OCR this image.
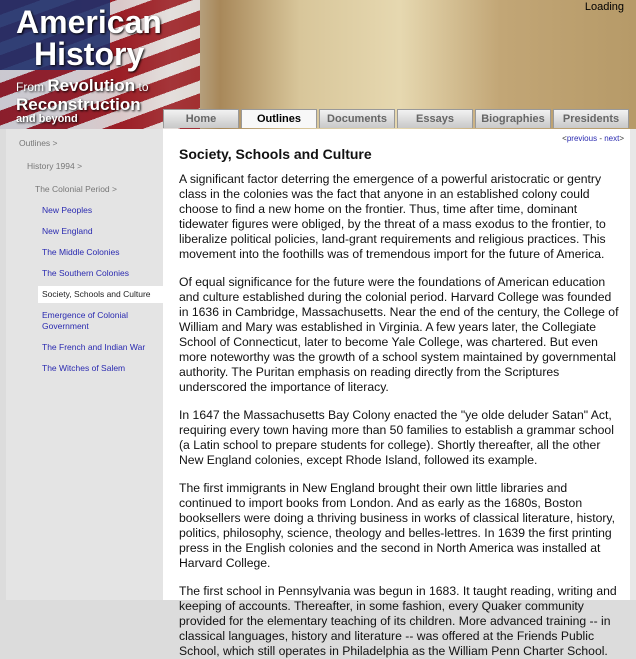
American
History
From Revolution to
Reconstruction
and beyond
Loading
Home	Outlines	Documents	Essays	Biographies	Presidents
Outlines >
History 1994 >
The Colonial Period >
New Peoples
New England
The Middle Colonies
The Southern Colonies
Society, Schools and Culture
Emergence of Colonial Government
The French and Indian War
The Witches of Salem
<previous - next>
Society, Schools and Culture

A significant factor deterring the emergence of a powerful aristocratic or gentry class in the colonies was the fact that anyone in an established colony could choose to find a new home on the frontier. Thus, time after time, dominant tidewater figures were obliged, by the threat of a mass exodus to the frontier, to liberalize political policies, land-grant requirements and religious practices. This movement into the foothills was of tremendous import for the future of America.

Of equal significance for the future were the foundations of American education and culture established during the colonial period. Harvard College was founded in 1636 in Cambridge, Massachusetts. Near the end of the century, the College of William and Mary was established in Virginia. A few years later, the Collegiate School of Connecticut, later to become Yale College, was chartered. But even more noteworthy was the growth of a school system maintained by governmental authority. The Puritan emphasis on reading directly from the Scriptures underscored the importance of literacy.

In 1647 the Massachusetts Bay Colony enacted the "ye olde deluder Satan" Act, requiring every town having more than 50 families to establish a grammar school (a Latin school to prepare students for college). Shortly thereafter, all the other New England colonies, except Rhode Island, followed its example.

The first immigrants in New England brought their own little libraries and continued to import books from London. And as early as the 1680s, Boston booksellers were doing a thriving business in works of classical literature, history, politics, philosophy, science, theology and belles-lettres. In 1639 the first printing press in the English colonies and the second in North America was installed at Harvard College.

The first school in Pennsylvania was begun in 1683. It taught reading, writing and keeping of accounts. Thereafter, in some fashion, every Quaker community provided for the elementary teaching of its children. More advanced training -- in classical languages, history and literature -- was offered at the Friends Public School, which still operates in Philadelphia as the William Penn Charter School.
